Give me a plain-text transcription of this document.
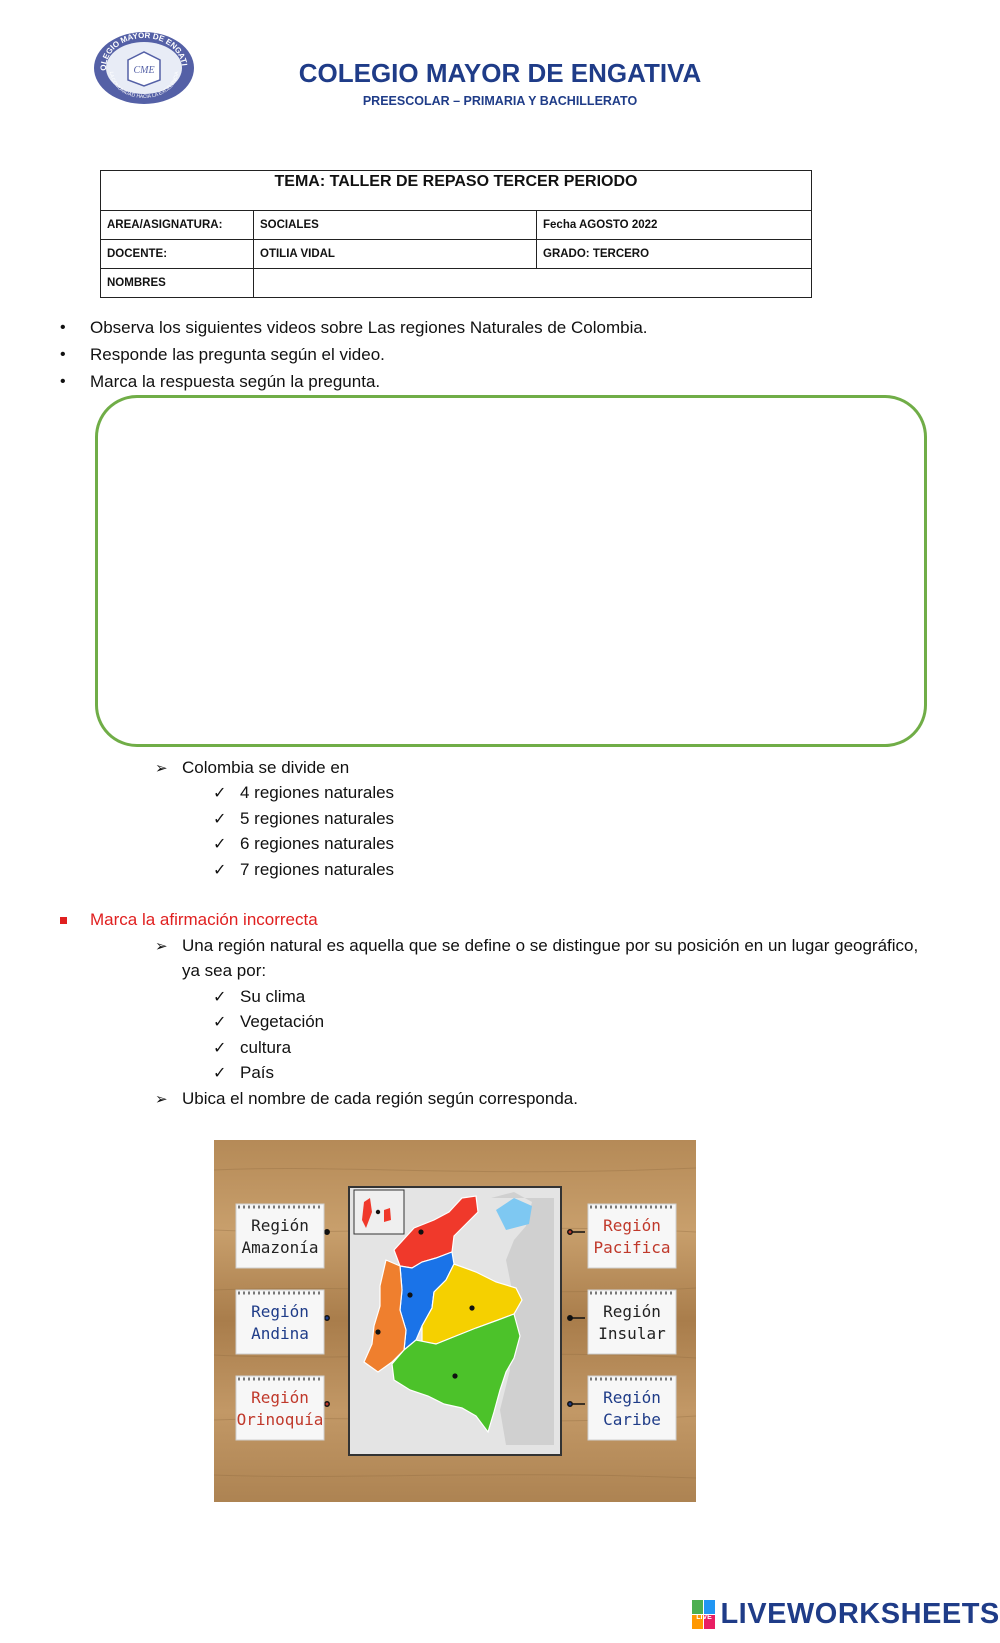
OLEGIO MAYOR DE ENGATI
LA COMUNIDAD HACIA LA EXCELENCIA
CME	COLEGIO MAYOR DE ENGATIVA
PREESCOLAR – PRIMARIA Y BACHILLERATO
TEMA: TALLER DE REPASO TERCER PERIODO		
AREA/ASIGNATURA:	SOCIALES	Fecha AGOSTO 2022
DOCENTE:	OTILIA VIDAL	GRADO: TERCERO
NOMBRES		
• Observa los siguientes videos sobre Las regiones Naturales de Colombia.
• Responde las pregunta según el video.
• Marca la respuesta según la pregunta.
➢ Colombia se divide en
✓ 4 regiones naturales
✓ 5 regiones naturales
✓ 6 regiones naturales
✓ 7 regiones naturales
Marca la afirmación incorrecta
➢ Una región natural es aquella que se define o se distingue por su posición en un lugar geográfico,
ya sea por:
✓ Su clima
✓ Vegetación
✓ cultura
✓ País
➢ Ubica el nombre de cada región según corresponda.
Región
Amazonía
Región
Andina
Región
Orinoquía
Región
Pacifica
Región
Insular
Región
Caribe
LIVE LIVEWORKSHEETS
